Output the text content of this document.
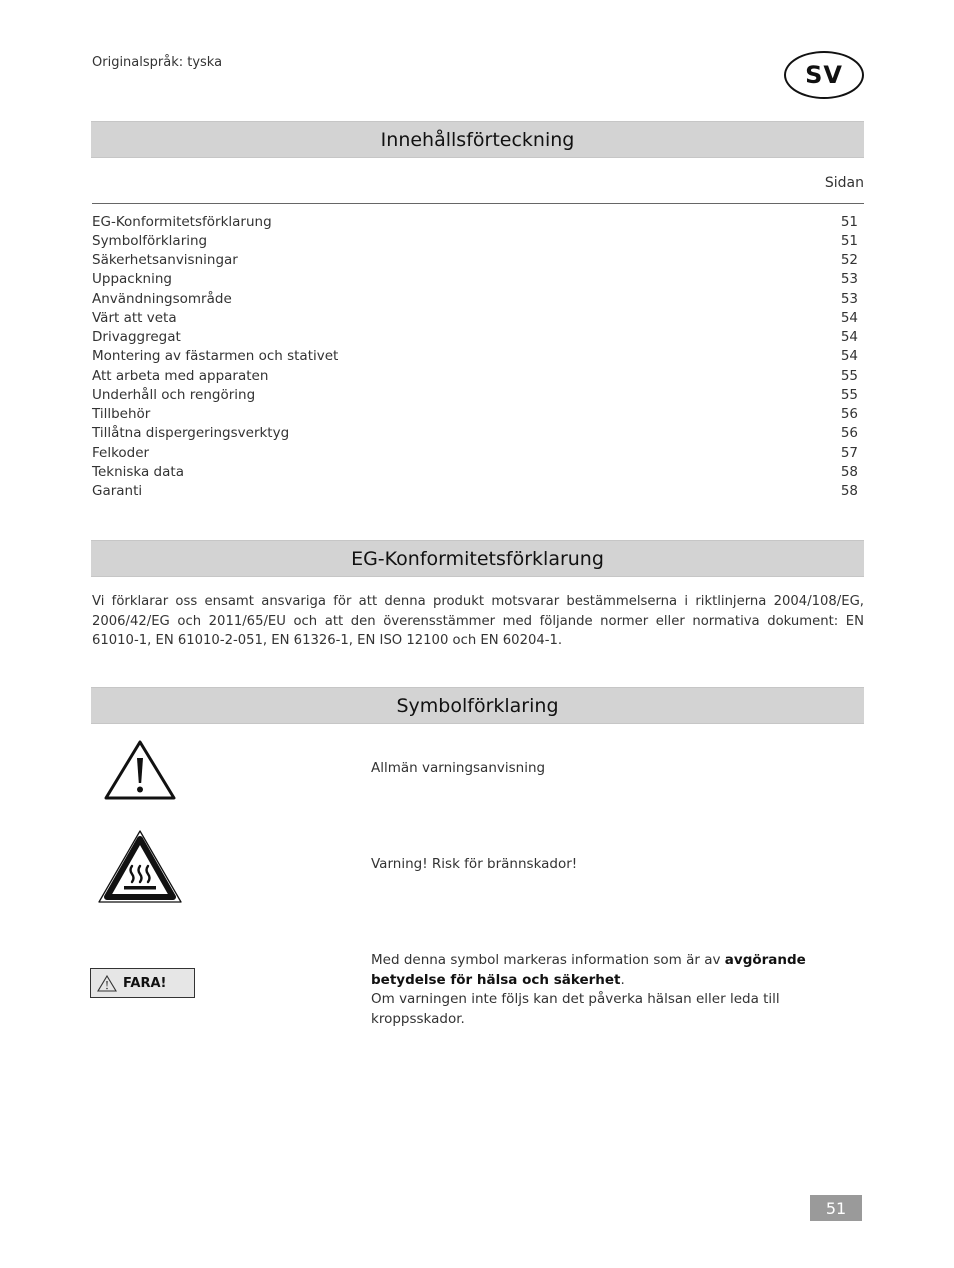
Originalspråk: tyska	SV
Innehållsförteckning
Sidan
EG-Konformitetsförklarung	51
Symbolförklaring	51
Säkerhetsanvisningar	52
Uppackning	53
Användningsområde	53
Värt att veta	54
Drivaggregat	54
Montering av fästarmen och stativet	54
Att arbeta med apparaten	55
Underhåll och rengöring	55
Tillbehör	56
Tillåtna dispergeringsverktyg	56
Felkoder	57
Tekniska data	58
Garanti	58
EG-Konformitetsförklarung

Vi förklarar oss ensamt ansvariga för att denna produkt motsvarar bestämmelserna i riktlinjerna 2004/108/EG, 2006/42/EG och 2011/65/EU och att den överensstämmer med följande normer eller normativa dokument: EN 61010-1, EN 61010-2-051, EN 61326-1, EN ISO 12100 och EN 60204-1.

Symbolförklaring
Allmän varningsanvisning
Varning! Risk för brännskador!
FARA!
Med denna symbol markeras information som är av avgörande betydelse för hälsa och säkerhet.
Om varningen inte följs kan det påverka hälsan eller leda till kroppsskador.
51
